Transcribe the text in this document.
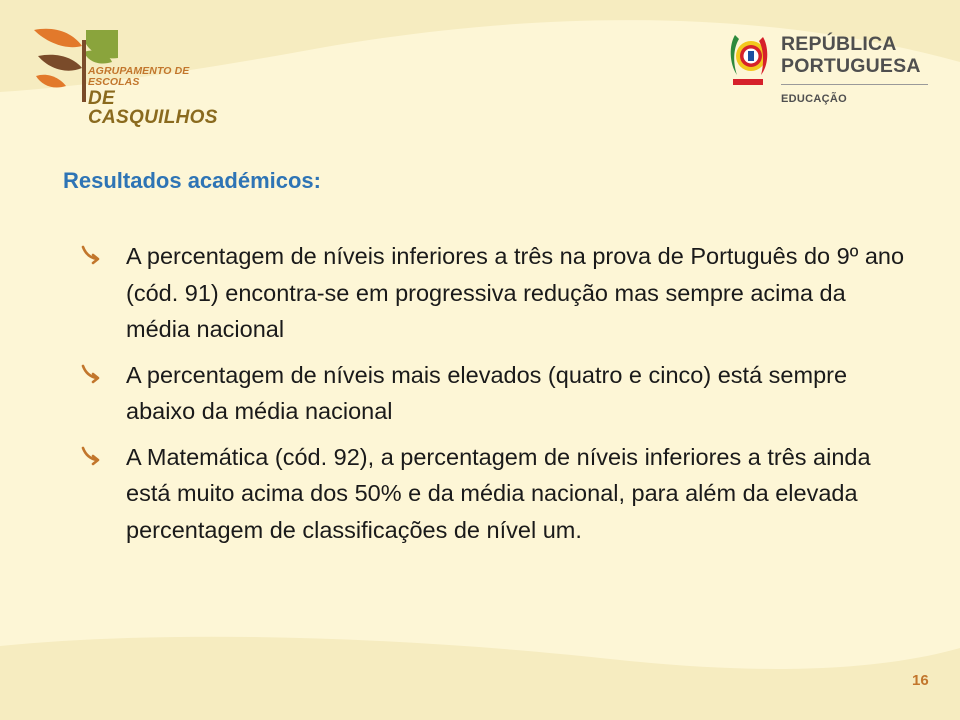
AGRUPAMENTO DE ESCOLAS
DE CASQUILHOS
REPÚBLICA
PORTUGUESA
EDUCAÇÃO
Resultados académicos:
A percentagem de níveis inferiores a três na prova de Português do 9º ano (cód. 91) encontra-se em progressiva redução mas sempre acima da média nacional
A percentagem de níveis mais elevados (quatro e cinco) está sempre abaixo da média nacional
A Matemática (cód. 92), a percentagem de níveis inferiores a três ainda está muito acima dos 50% e da média nacional, para além da elevada percentagem de classificações de nível um.
16
